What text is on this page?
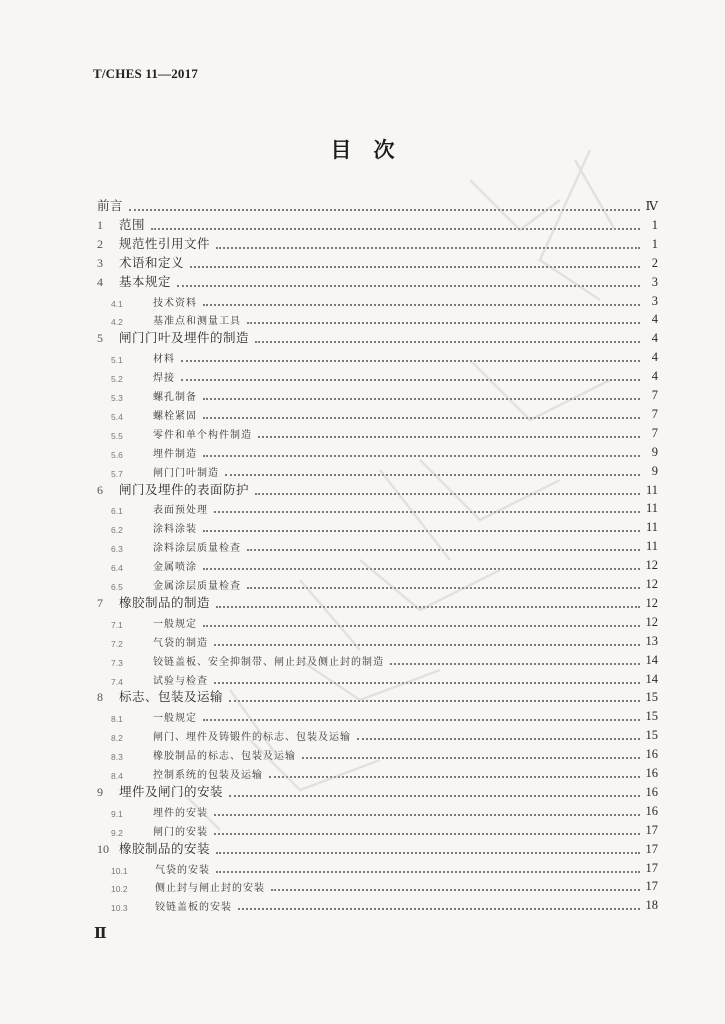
T/CHES 11—2017
目次
前言	Ⅳ
1	范围	1
2	规范性引用文件	1
3	术语和定义	2
4	基本规定	3
4.1	技术资料	3
4.2	基准点和测量工具	4
5	闸门门叶及埋件的制造	4
5.1	材料	4
5.2	焊接	4
5.3	螺孔制备	7
5.4	螺栓紧固	7
5.5	零件和单个构件制造	7
5.6	埋件制造	9
5.7	闸门门叶制造	9
6	闸门及埋件的表面防护	11
6.1	表面预处理	11
6.2	涂料涂装	11
6.3	涂料涂层质量检查	11
6.4	金属喷涂	12
6.5	金属涂层质量检查	12
7	橡胶制品的制造	12
7.1	一般规定	12
7.2	气袋的制造	13
7.3	铰链盖板、安全抑制带、闸止封及侧止封的制造	14
7.4	试验与检查	14
8	标志、包装及运输	15
8.1	一般规定	15
8.2	闸门、埋件及铸锻件的标志、包装及运输	15
8.3	橡胶制品的标志、包装及运输	16
8.4	控制系统的包装及运输	16
9	埋件及闸门的安装	16
9.1	埋件的安装	16
9.2	闸门的安装	17
10 橡胶制品的安装	17
10.1	气袋的安装	17
10.2	侧止封与闸止封的安装	17
10.3	铰链盖板的安装	18
Ⅱ
